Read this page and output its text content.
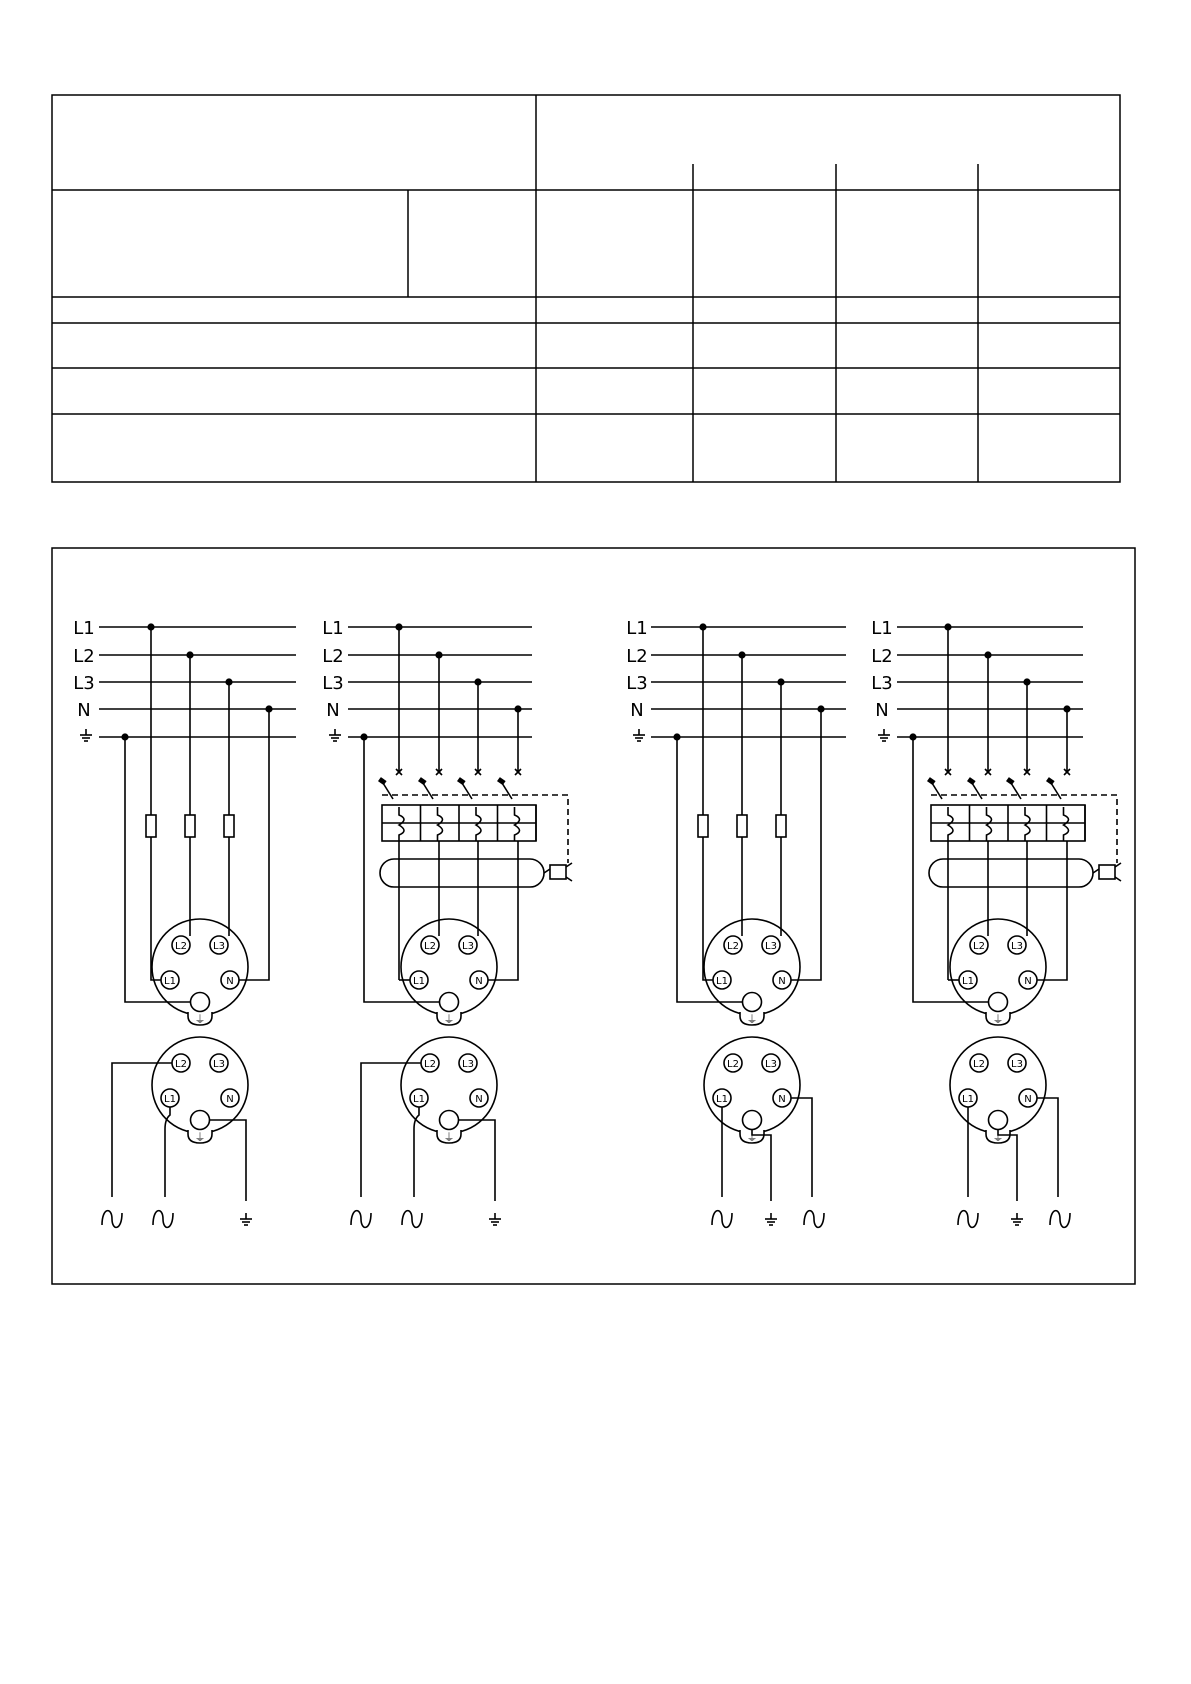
L1
L2
L3
N
L2	L3
L1	N
⏚
L2	L3
L1	N
⏚
L1
L2
L3
N
L2	L3
L1	N
⏚
L2	L3
L1	N
⏚
L1
L2
L3
N
L2	L3
L1	N
⏚
L2	L3
L1	N
⏚
L1
L2
L3
N
L2	L3
L1	N
⏚
L2	L3
L1	N
⏚
